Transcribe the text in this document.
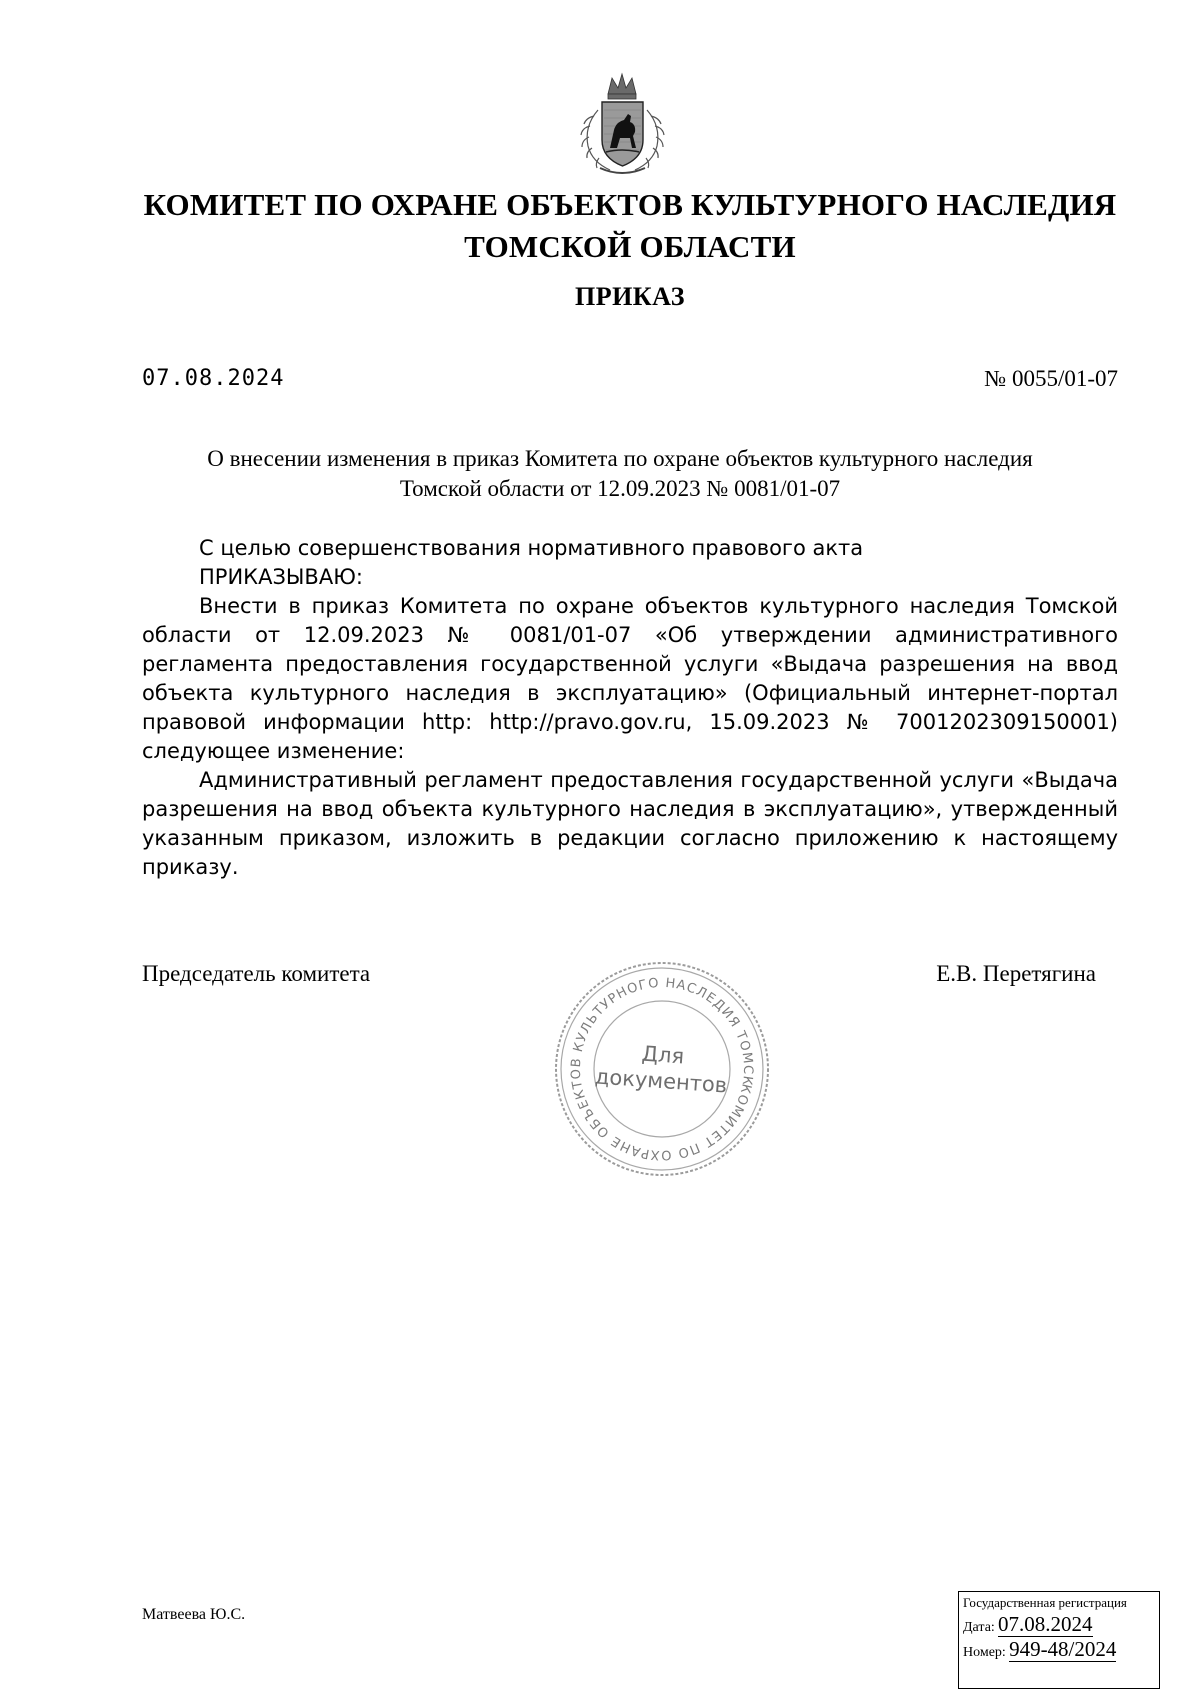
КОМИТЕТ ПО ОХРАНЕ ОБЪЕКТОВ КУЛЬТУРНОГО НАСЛЕДИЯ
ТОМСКОЙ ОБЛАСТИ
ПРИКАЗ
07.08.2024	№ 0055/01-07
О внесении изменения в приказ Комитета по охране объектов культурного наследия
Томской области от 12.09.2023 № 0081/01-07

С целью совершенствования нормативного правового акта

ПРИКАЗЫВАЮ:

Внести в приказ Комитета по охране объектов культурного наследия Томской области от 12.09.2023 № 0081/01-07 «Об утверждении административного регламента предоставления государственной услуги «Выдача разрешения на ввод объекта культурного наследия в эксплуатацию» (Официальный интернет-портал правовой информации http: http://pravo.gov.ru, 15.09.2023 № 7001202309150001) следующее изменение:

Административный регламент предоставления государственной услуги «Выдача разрешения на ввод объекта культурного наследия в эксплуатацию», утвержденный указанным приказом, изложить в редакции согласно приложению к настоящему приказу.

Председатель комитета	Е.В. Перетягина
КОМИТЕТ ПО ОХРАНЕ ОБЪЕКТОВ КУЛЬТУРНОГО НАСЛЕДИЯ ТОМСКОЙ
Для
документов
Матвеева Ю.С.
Государственная регистрация
Дата: 07.08.2024
Номер: 949-48/2024
